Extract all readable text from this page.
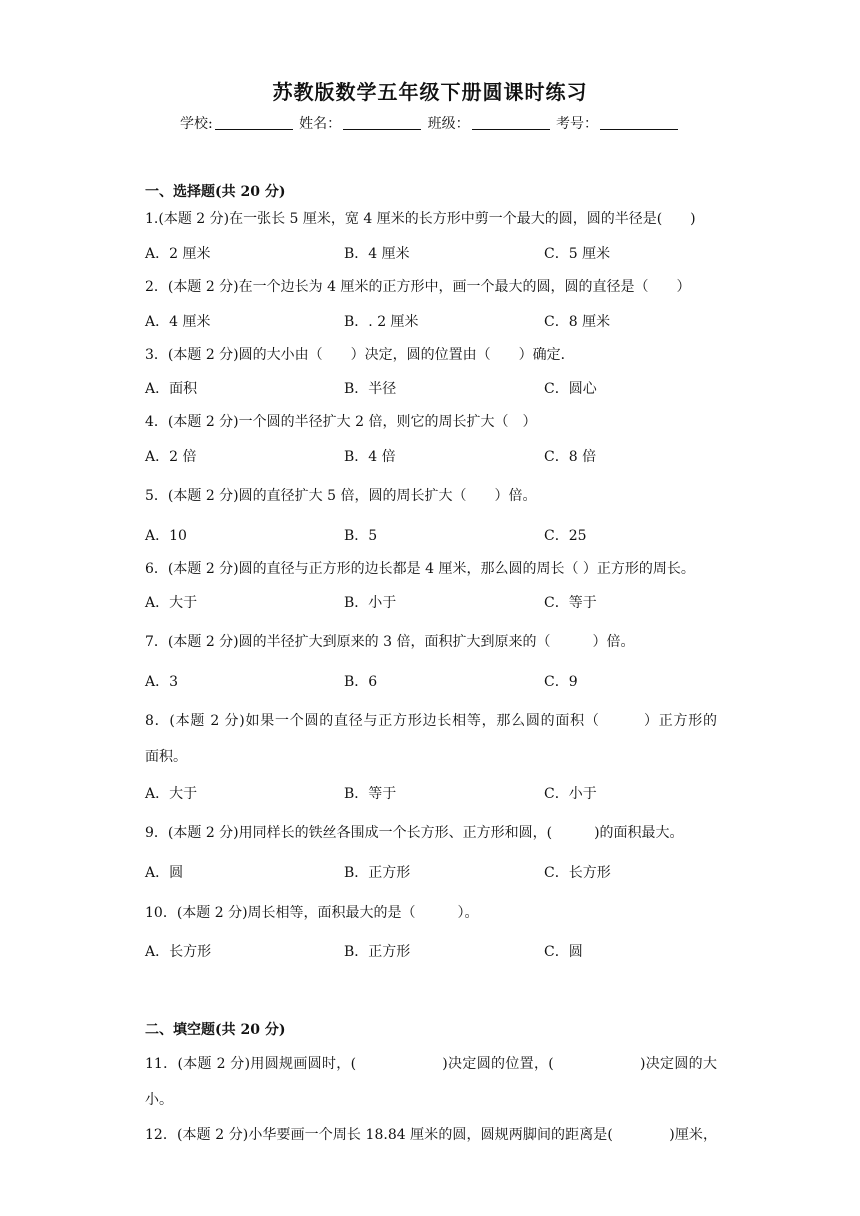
苏教版数学五年级下册圆课时练习
学校:	姓名：	班级：	考号：
一、选择题(共 20 分)
1.(本题 2 分)在一张长 5 厘米，宽 4 厘米的长方形中剪一个最大的圆，圆的半径是(　　)
A．2 厘米	B．4 厘米	C．5 厘米
2．(本题 2 分)在一个边长为 4 厘米的正方形中，画一个最大的圆，圆的直径是（　　）
A．4 厘米	B．. 2 厘米	C．8 厘米
3．(本题 2 分)圆的大小由（　　）决定，圆的位置由（　　）确定．
A．面积	B．半径	C．圆心
4．(本题 2 分)一个圆的半径扩大 2 倍，则它的周长扩大（　）
A．2 倍	B．4 倍	C．8 倍
5．(本题 2 分)圆的直径扩大 5 倍，圆的周长扩大（　　）倍。
A．10	B．5	C．25
6．(本题 2 分)圆的直径与正方形的边长都是 4 厘米，那么圆的周长（ ）正方形的周长。
A．大于	B．小于	C．等于
7．(本题 2 分)圆的半径扩大到原来的 3 倍，面积扩大到原来的（　　　）倍。
A．3	B．6	C．9
8．(本题 2 分)如果一个圆的直径与正方形边长相等，那么圆的面积（　　　）正方形的
面积。
A．大于	B．等于	C．小于
9．(本题 2 分)用同样长的铁丝各围成一个长方形、正方形和圆，(　　　)的面积最大。
A．圆	B．正方形	C．长方形
10．(本题 2 分)周长相等，面积最大的是（　　　）。
A．长方形	B．正方形	C．圆
二、填空题(共 20 分)
11．(本题 2 分)用圆规画圆时，(　　　　　　)决定圆的位置，(　　　　　　)决定圆的大
小。
12．(本题 2 分)小华要画一个周长 18.84 厘米的圆，圆规两脚间的距离是(　　　　)厘米，
